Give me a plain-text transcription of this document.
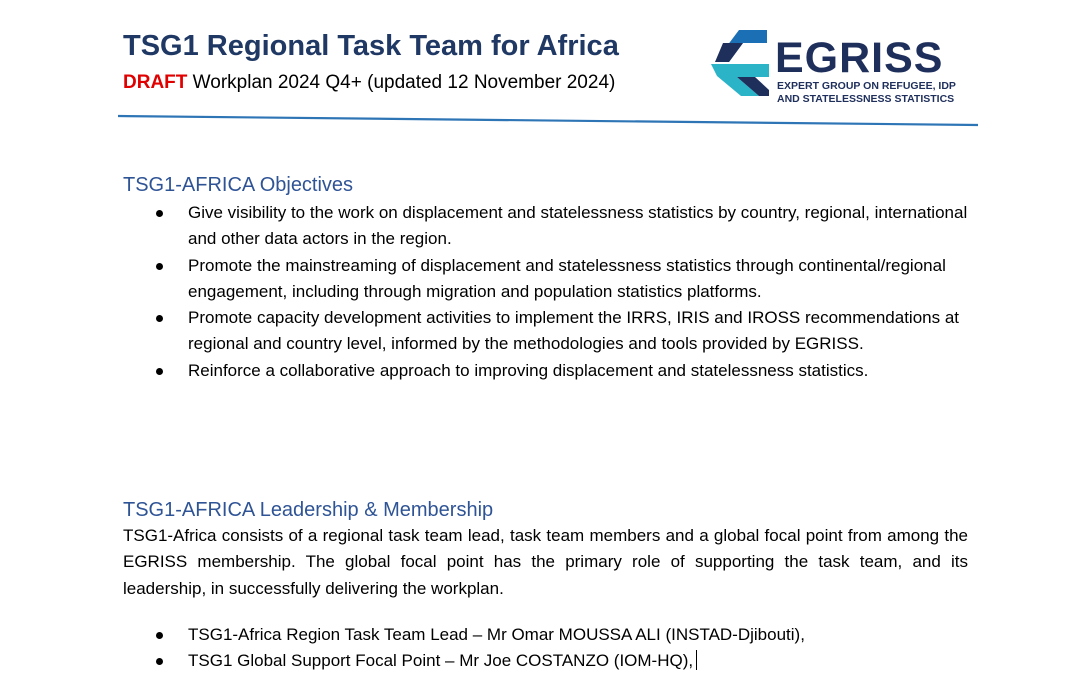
TSG1 Regional Task Team for Africa

DRAFT Workplan 2024 Q4+ (updated 12 November 2024)

EGRISS
EXPERT GROUP ON REFUGEE, IDP
AND STATELESSNESS STATISTICS
TSG1-AFRICA Objectives
Give visibility to the work on displacement and statelessness statistics by country, regional, international and other data actors in the region.
Promote the mainstreaming of displacement and statelessness statistics through continental/regional engagement, including through migration and population statistics platforms.
Promote capacity development activities to implement the IRRS, IRIS and IROSS recommendations at regional and country level, informed by the methodologies and tools provided by EGRISS.
Reinforce a collaborative approach to improving displacement and statelessness statistics.
TSG1-AFRICA Leadership & Membership

TSG1-Africa consists of a regional task team lead, task team members and a global focal point from among the EGRISS membership. The global focal point has the primary role of supporting the task team, and its leadership, in successfully delivering the workplan.

TSG1-Africa Region Task Team Lead – Mr Omar MOUSSA ALI (INSTAD-Djibouti),
TSG1 Global Support Focal Point – Mr Joe COSTANZO (IOM-HQ),
